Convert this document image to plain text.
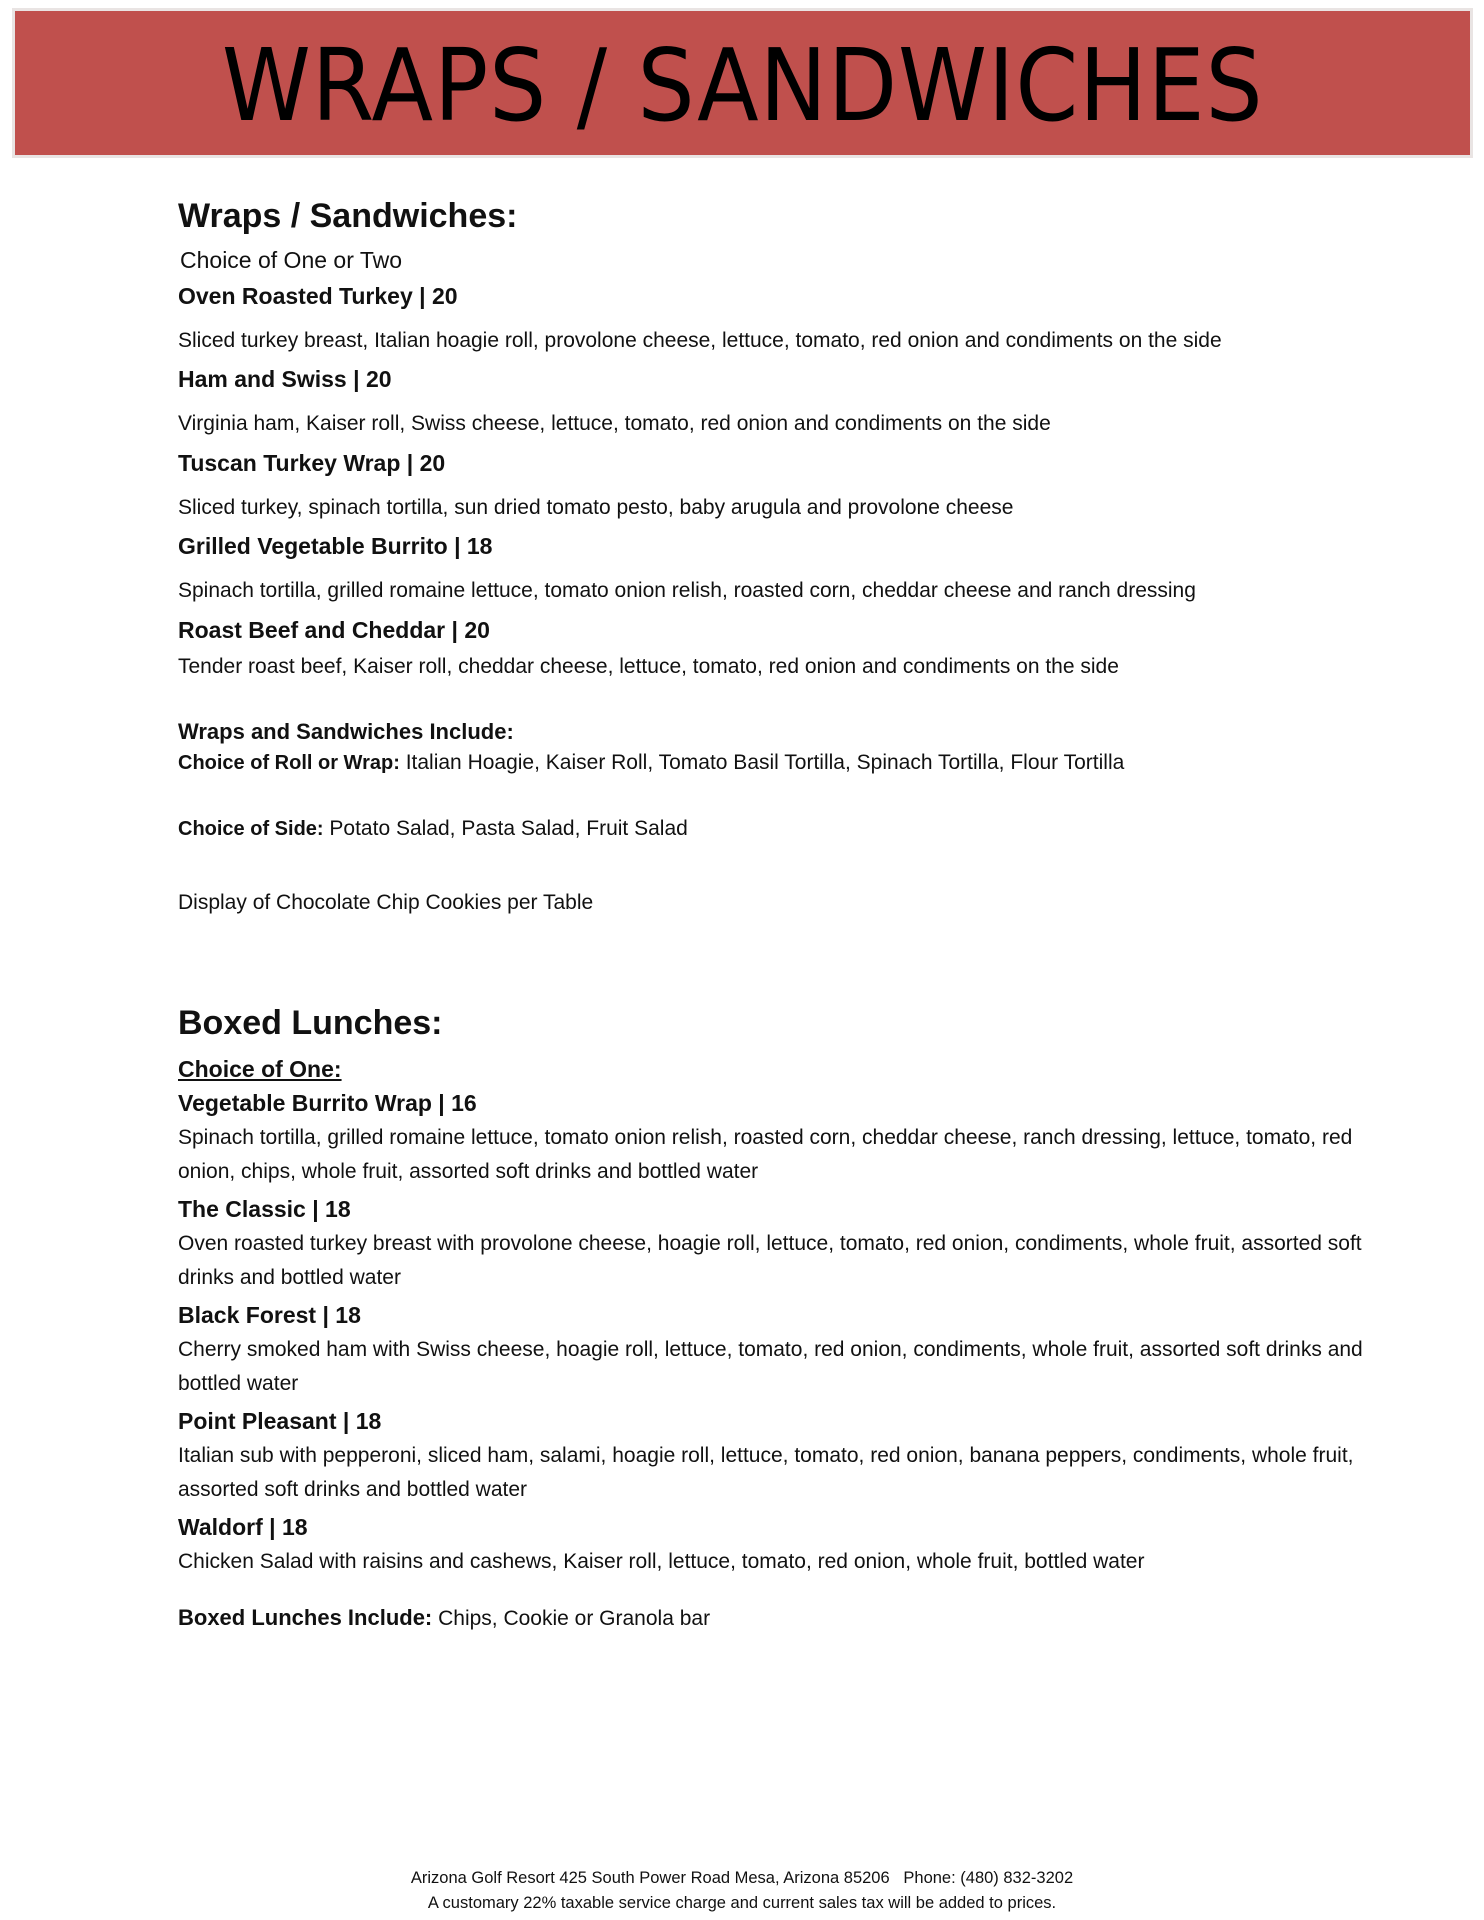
WRAPS / SANDWICHES
Wraps / Sandwiches:
Choice of One or Two

Oven Roasted Turkey | 20

Sliced turkey breast, Italian hoagie roll, provolone cheese, lettuce, tomato, red onion and condiments on the side

Ham and Swiss | 20

Virginia ham, Kaiser roll, Swiss cheese, lettuce, tomato, red onion and condiments on the side

Tuscan Turkey Wrap | 20

Sliced turkey, spinach tortilla, sun dried tomato pesto, baby arugula and provolone cheese

Grilled Vegetable Burrito | 18

Spinach tortilla, grilled romaine lettuce, tomato onion relish, roasted corn, cheddar cheese and ranch dressing

Roast Beef and Cheddar | 20

Tender roast beef, Kaiser roll, cheddar cheese, lettuce, tomato, red onion and condiments on the side

Wraps and Sandwiches Include:

Choice of Roll or Wrap: Italian Hoagie, Kaiser Roll, Tomato Basil Tortilla, Spinach Tortilla, Flour Tortilla

Choice of Side: Potato Salad, Pasta Salad, Fruit Salad

Display of Chocolate Chip Cookies per Table

Boxed Lunches:
Choice of One:

Vegetable Burrito Wrap | 16

Spinach tortilla, grilled romaine lettuce, tomato onion relish, roasted corn, cheddar cheese, ranch dressing, lettuce, tomato, red onion, chips, whole fruit, assorted soft drinks and bottled water

The Classic | 18

Oven roasted turkey breast with provolone cheese, hoagie roll, lettuce, tomato, red onion, condiments, whole fruit, assorted soft drinks and bottled water

Black Forest | 18

Cherry smoked ham with Swiss cheese, hoagie roll, lettuce, tomato, red onion, condiments, whole fruit, assorted soft drinks and bottled water

Point Pleasant | 18

Italian sub with pepperoni, sliced ham, salami, hoagie roll, lettuce, tomato, red onion, banana peppers, condiments, whole fruit, assorted soft drinks and bottled water

Waldorf | 18

Chicken Salad with raisins and cashews, Kaiser roll, lettuce, tomato, red onion, whole fruit, bottled water

Boxed Lunches Include: Chips, Cookie or Granola bar

Arizona Golf Resort 425 South Power Road Mesa, Arizona 85206   Phone: (480) 832-3202
A customary 22% taxable service charge and current sales tax will be added to prices.
